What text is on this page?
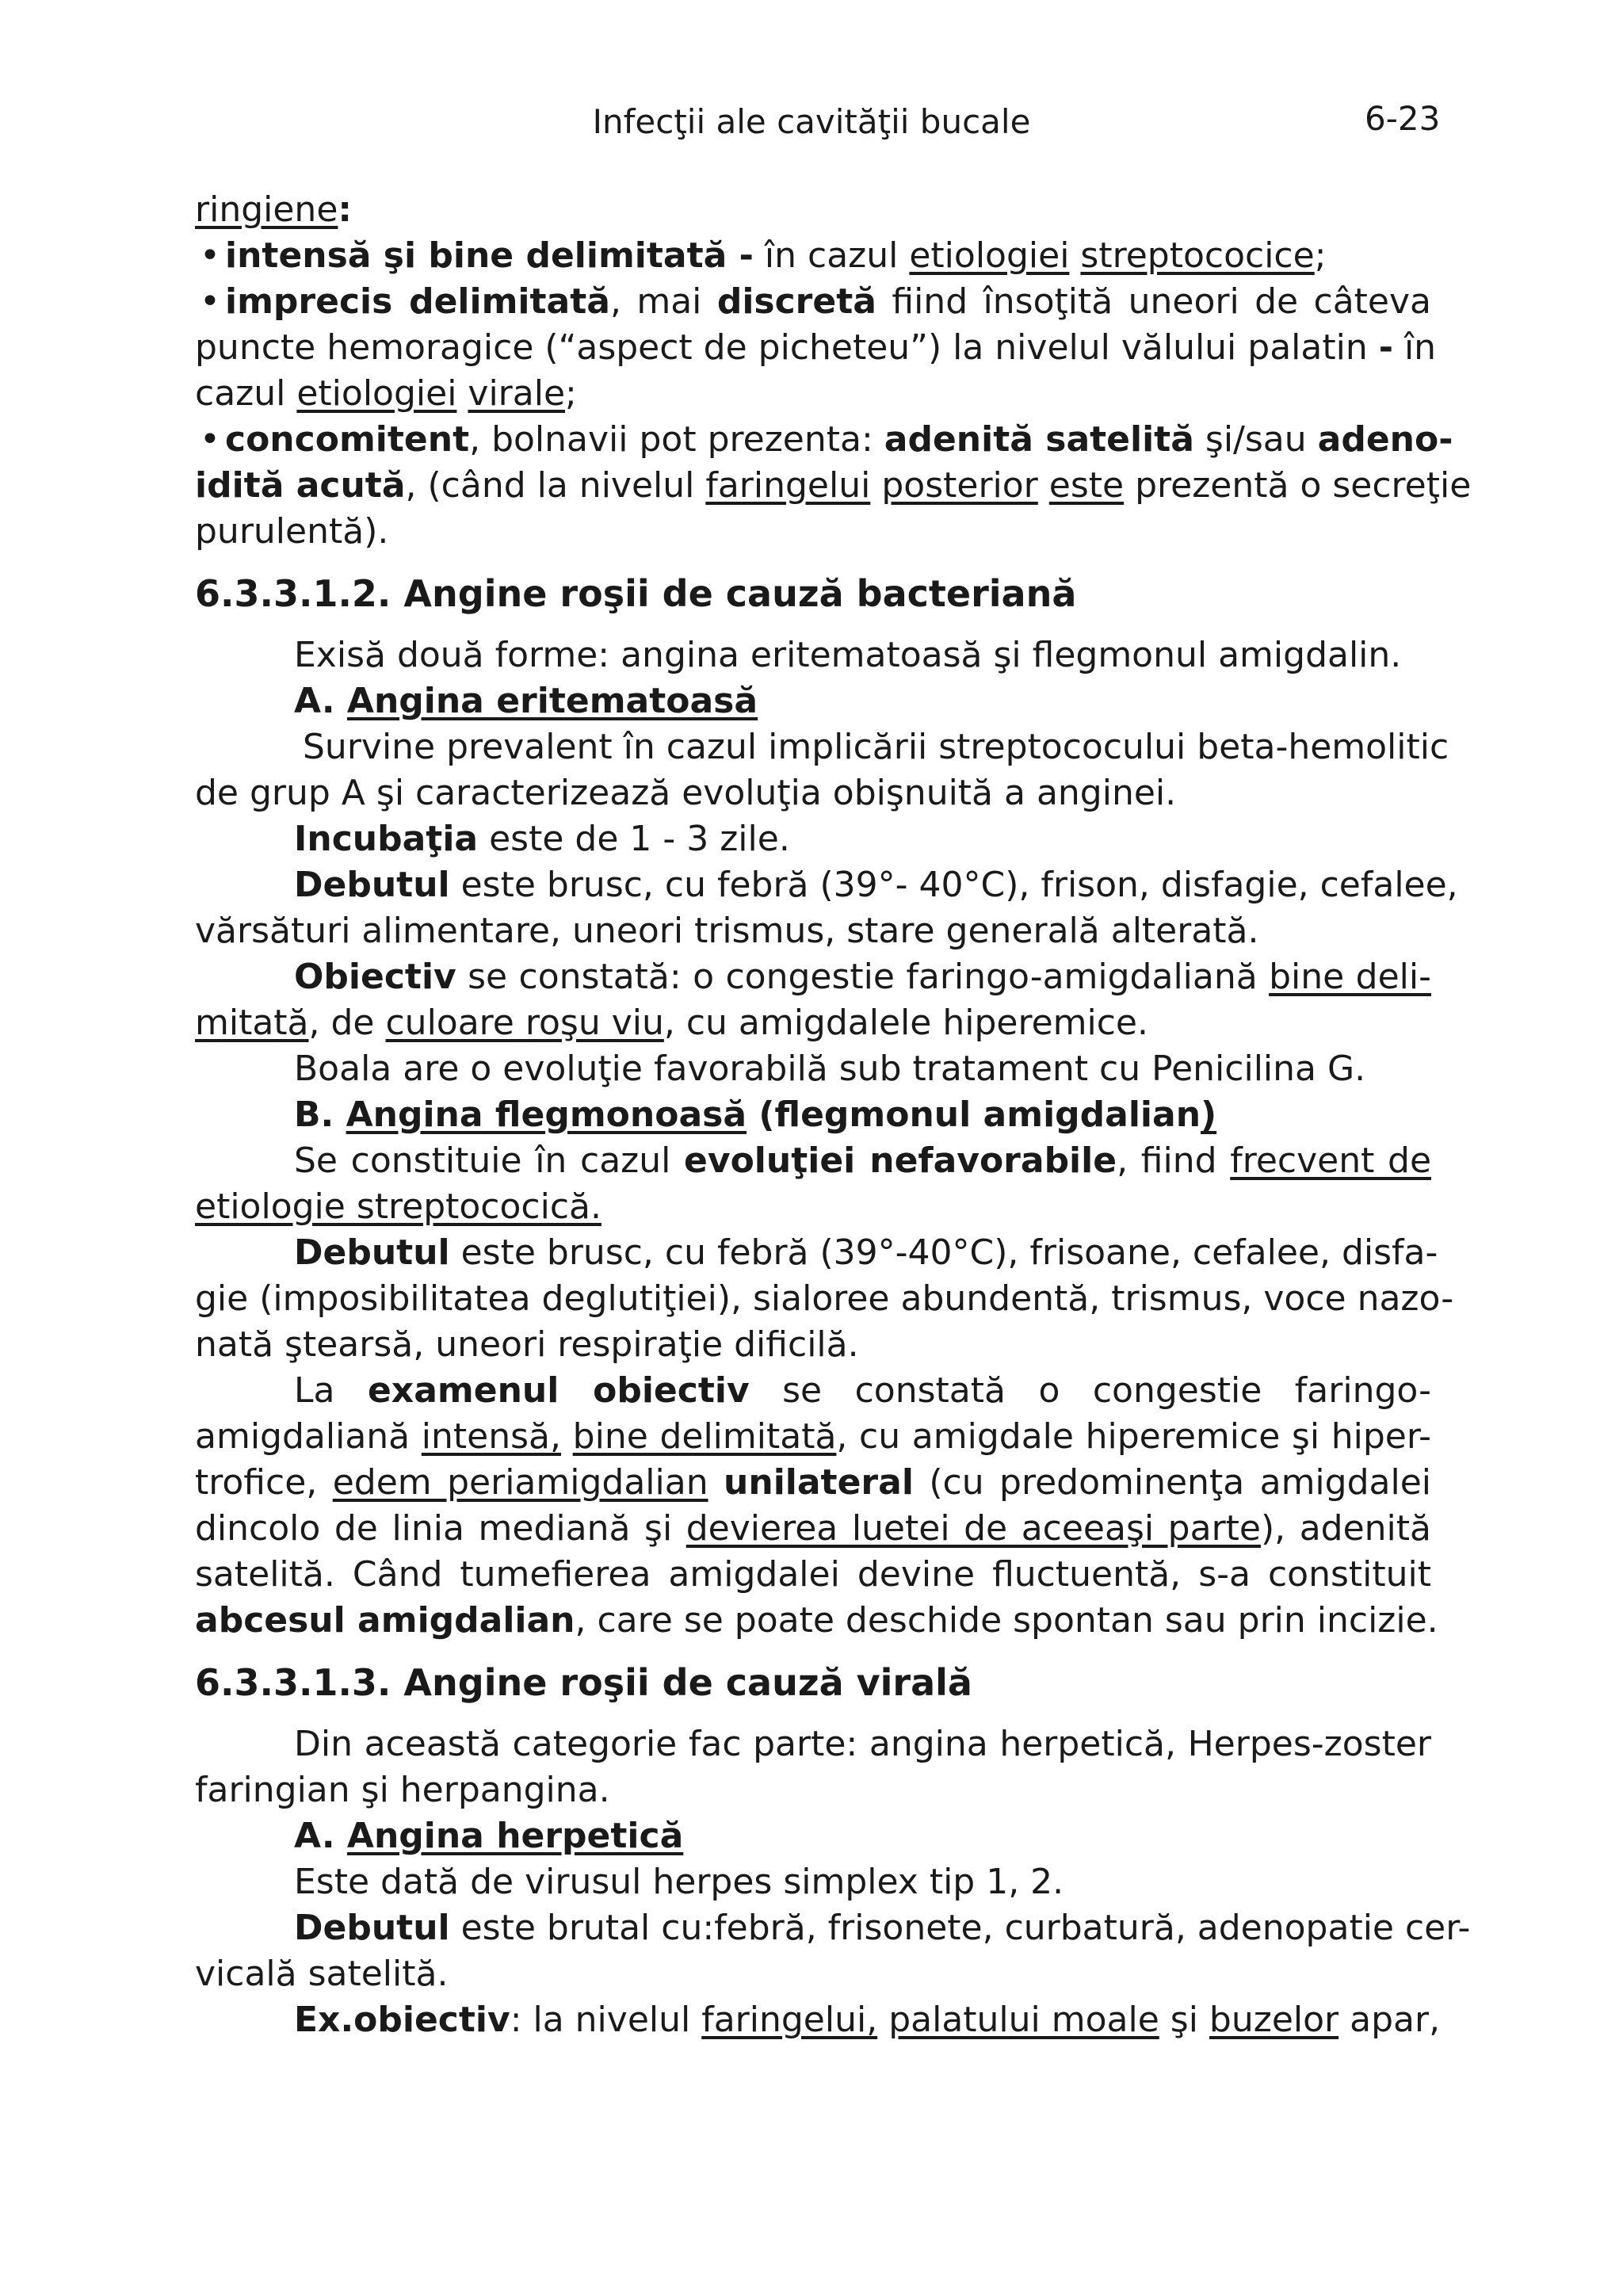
Infecţii ale cavităţii bucale	6-23
ringiene:
• intensă şi bine delimitată - în cazul etiologiei streptococice;
• imprecis delimitată, mai discretă fiind însoţită uneori de câteva
puncte hemoragice (“aspect de picheteu”) la nivelul vălului palatin - în
cazul etiologiei virale;
• concomitent, bolnavii pot prezenta: adenită satelită şi/sau adeno-
idită acută, (când la nivelul faringelui posterior este prezentă o secreţie
purulentă).
6.3.3.1.2. Angine roşii de cauză bacteriană
Exisă două forme: angina eritematoasă şi flegmonul amigdalin.
A. Angina eritematoasă
Survine prevalent în cazul implicării streptococului beta-hemolitic
de grup A şi caracterizează evoluţia obişnuită a anginei.
Incubaţia este de 1 - 3 zile.
Debutul este brusc, cu febră (39°- 40°C), frison, disfagie, cefalee,
vărsături alimentare, uneori trismus, stare generală alterată.
Obiectiv se constată: o congestie faringo-amigdaliană bine deli-
mitată, de culoare roşu viu, cu amigdalele hiperemice.
Boala are o evoluţie favorabilă sub tratament cu Penicilina G.
B. Angina flegmonoasă (flegmonul amigdalian)
Se constituie în cazul evoluţiei nefavorabile, fiind frecvent de
etiologie streptococică.
Debutul este brusc, cu febră (39°-40°C), frisoane, cefalee, disfa-
gie (imposibilitatea deglutiţiei), sialoree abundentă, trismus, voce nazo-
nată ştearsă, uneori respiraţie dificilă.
La examenul obiectiv se constată o congestie faringo-
amigdaliană intensă, bine delimitată, cu amigdale hiperemice şi hiper-
trofice, edem periamigdalian unilateral (cu predominenţa amigdalei
dincolo de linia mediană şi devierea luetei de aceeaşi parte), adenită
satelită. Când tumefierea amigdalei devine fluctuentă, s-a constituit
abcesul amigdalian, care se poate deschide spontan sau prin incizie.
6.3.3.1.3. Angine roşii de cauză virală
Din această categorie fac parte: angina herpetică, Herpes-zoster
faringian şi herpangina.
A. Angina herpetică
Este dată de virusul herpes simplex tip 1, 2.
Debutul este brutal cu:febră, frisonete, curbatură, adenopatie cer-
vicală satelită.
Ex.obiectiv: la nivelul faringelui, palatului moale şi buzelor apar,
